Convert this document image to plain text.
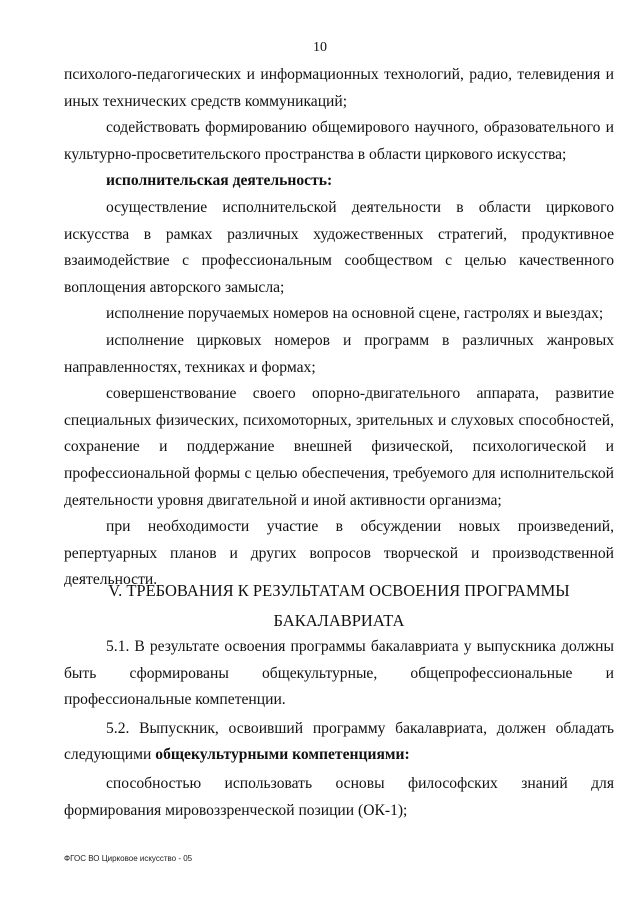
10

психолого-педагогических и информационных технологий, радио, телевидения и иных технических средств коммуникаций;

содействовать формированию общемирового научного, образовательного и культурно-просветительского пространства в области циркового искусства;

исполнительская деятельность:

осуществление исполнительской деятельности в области циркового искусства в рамках различных художественных стратегий, продуктивное взаимодействие с профессиональным сообществом с целью качественного воплощения авторского замысла;

исполнение поручаемых номеров на основной сцене, гастролях и выездах;

исполнение цирковых номеров и программ в различных жанровых направленностях, техниках и формах;

совершенствование своего опорно-двигательного аппарата, развитие специальных физических, психомоторных, зрительных и слуховых способностей, сохранение и поддержание внешней физической, психологической и профессиональной формы с целью обеспечения, требуемого для исполнительской деятельности уровня двигательной и иной активности организма;

при необходимости участие в обсуждении новых произведений, репертуарных планов и других вопросов творческой и производственной деятельности.

V. ТРЕБОВАНИЯ К РЕЗУЛЬТАТАМ ОСВОЕНИЯ ПРОГРАММЫ
БАКАЛАВРИАТА

5.1. В результате освоения программы бакалавриата у выпускника должны быть сформированы общекультурные, общепрофессиональные и профессиональные компетенции.

5.2. Выпускник, освоивший программу бакалавриата, должен обладать следующими общекультурными компетенциями:

способностью использовать основы философских знаний для формирования мировоззренческой позиции (ОК-1);

ФГОС ВО Цирковое искусство - 05
